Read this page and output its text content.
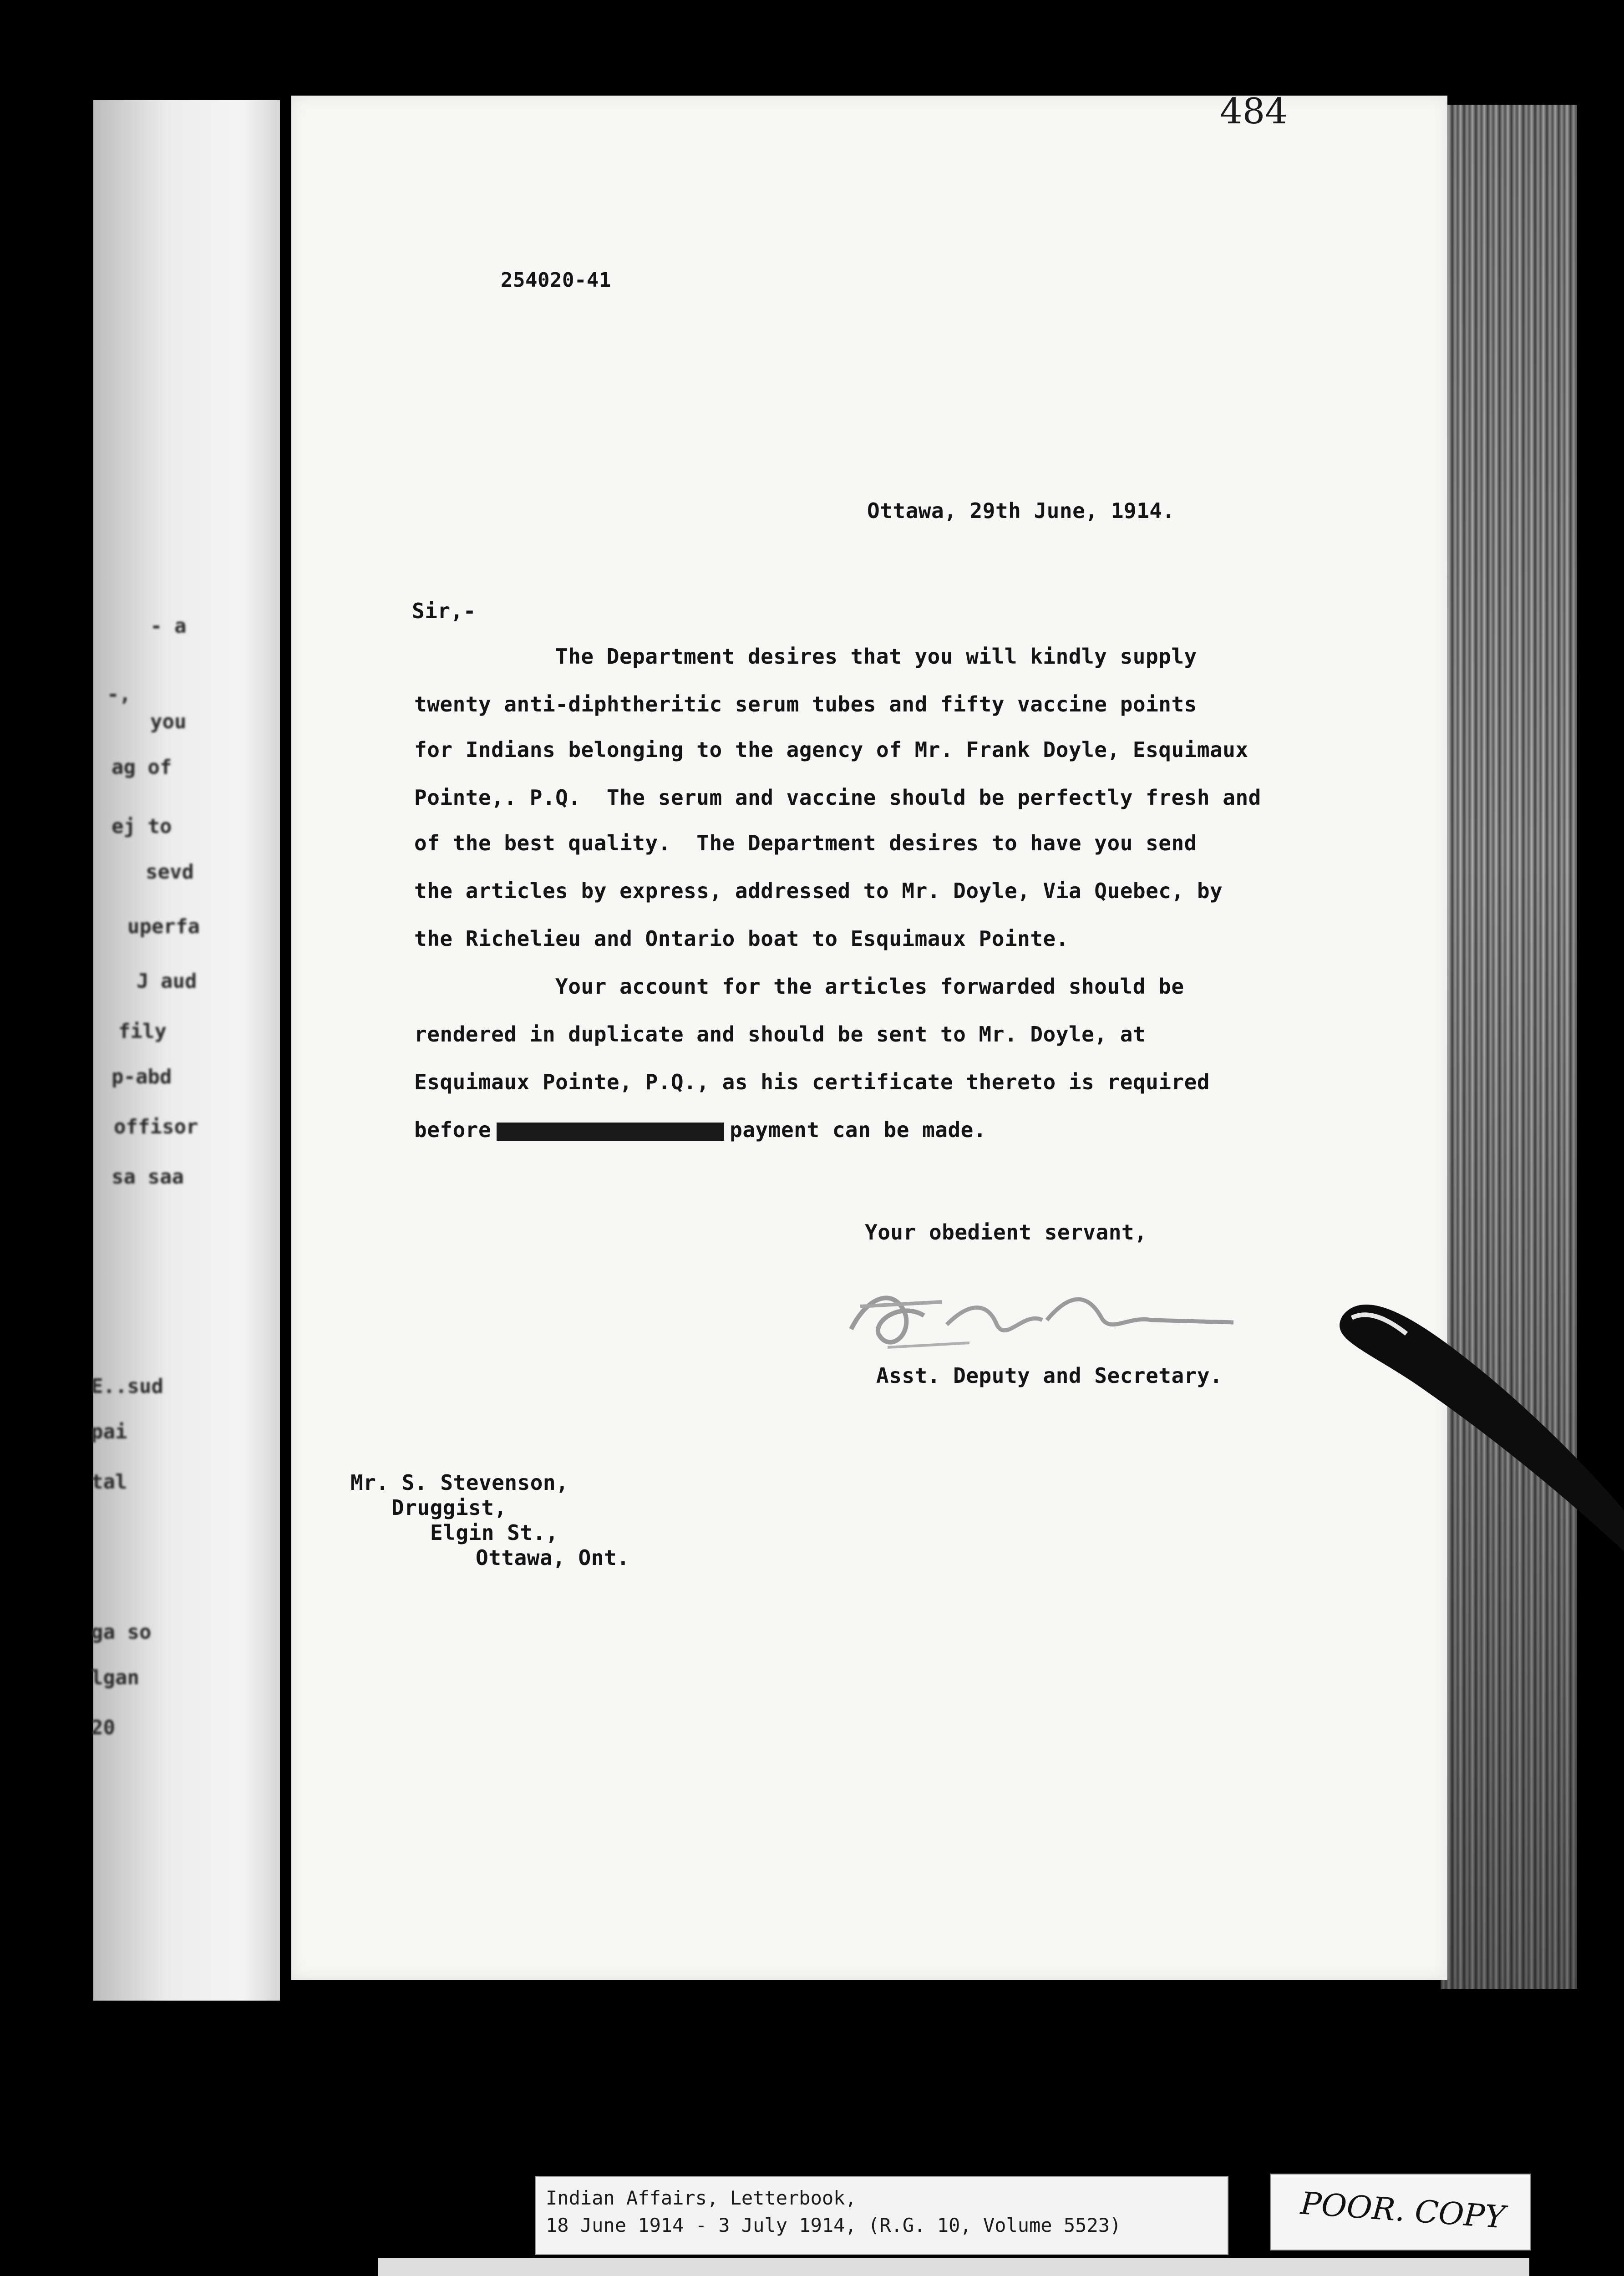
- a
-,
you
ag of
ej to
sevd
uperfa
J aud
fily
p-abd
offisor
sa saa
E..sud
pai
tal
ga so
lgan
20
484
254020-41
Ottawa, 29th June, 1914.
Sir,-
The Department desires that you will kindly supply
twenty anti-diphtheritic serum tubes and fifty vaccine points
for Indians belonging to the agency of Mr. Frank Doyle, Esquimaux
Pointe,. P.Q.  The serum and vaccine should be perfectly fresh and
of the best quality.  The Department desires to have you send
the articles by express, addressed to Mr. Doyle, Via Quebec, by
the Richelieu and Ontario boat to Esquimaux Pointe.
Your account for the articles forwarded should be
rendered in duplicate and should be sent to Mr. Doyle, at
Esquimaux Pointe, P.Q., as his certificate thereto is required
before	payment can be made.
Your obedient servant,
Asst. Deputy and Secretary.
Mr. S. Stevenson,
Druggist,
Elgin St.,
Ottawa, Ont.
Indian Affairs, Letterbook,
18 June 1914 - 3 July 1914, (R.G. 10, Volume 5523)	POOR. COPY
